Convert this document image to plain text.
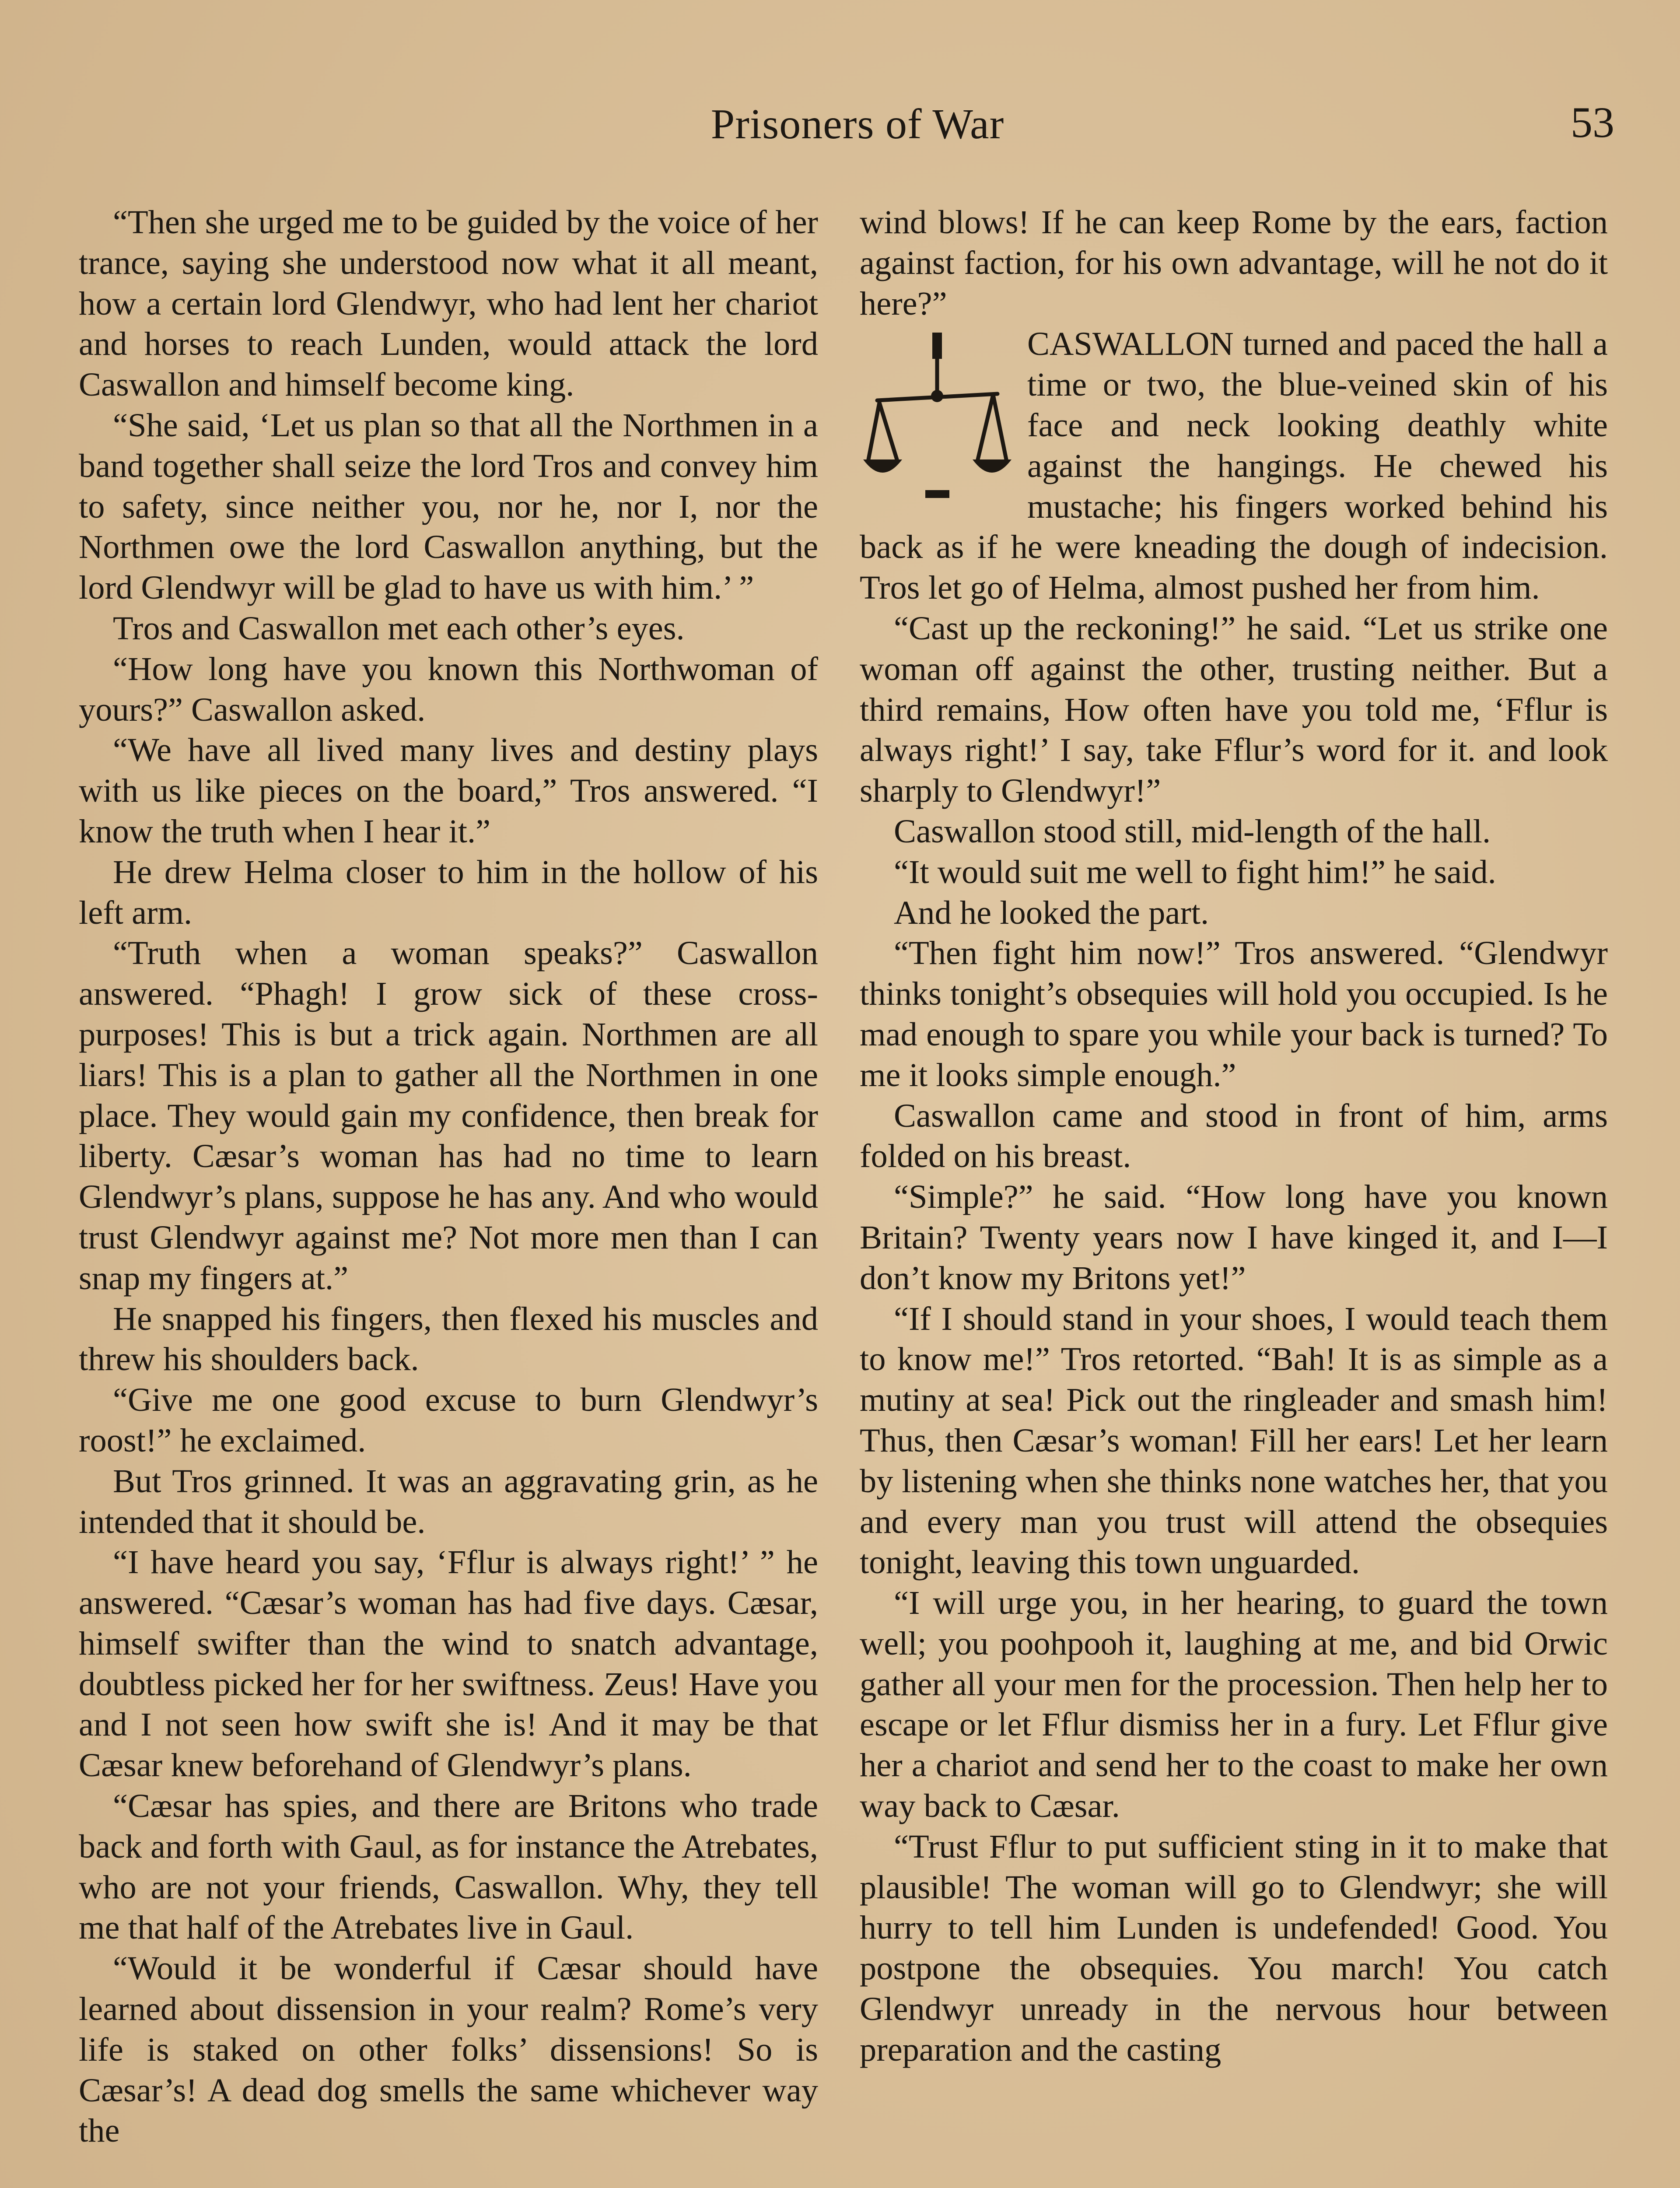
Prisoners of War	53

“Then she urged me to be guided by the voice of her trance, saying she understood now what it all meant, how a certain lord Glendwyr, who had lent her chariot and horses to reach Lunden, would attack the lord Caswallon and himself become king.

“She said, ‘Let us plan so that all the Northmen in a band together shall seize the lord Tros and convey him to safety, since neither you, nor he, nor I, nor the Northmen owe the lord Caswallon anything, but the lord Glendwyr will be glad to have us with him.’ ”

Tros and Caswallon met each other’s eyes.

“How long have you known this Northwoman of yours?” Caswallon asked.

“We have all lived many lives and destiny plays with us like pieces on the board,” Tros answered. “I know the truth when I hear it.”

He drew Helma closer to him in the hollow of his left arm.

“Truth when a woman speaks?” Caswallon answered. “Phagh! I grow sick of these cross-purposes! This is but a trick again. Northmen are all liars! This is a plan to gather all the Northmen in one place. They would gain my confidence, then break for liberty. Cæsar’s woman has had no time to learn Glendwyr’s plans, suppose he has any. And who would trust Glendwyr against me? Not more men than I can snap my fingers at.”

He snapped his fingers, then flexed his muscles and threw his shoulders back.

“Give me one good excuse to burn Glendwyr’s roost!” he exclaimed.

But Tros grinned. It was an aggravating grin, as he intended that it should be.

“I have heard you say, ‘Fflur is always right!’ ” he answered. “Cæsar’s woman has had five days. Cæsar, himself swifter than the wind to snatch advantage, doubtless picked her for her swiftness. Zeus! Have you and I not seen how swift she is! And it may be that Cæsar knew beforehand of Glendwyr’s plans.

“Cæsar has spies, and there are Britons who trade back and forth with Gaul, as for instance the Atrebates, who are not your friends, Caswallon. Why, they tell me that half of the Atrebates live in Gaul.

“Would it be wonderful if Cæsar should have learned about dissension in your realm? Rome’s very life is staked on other folks’ dissensions! So is Cæsar’s! A dead dog smells the same whichever way the

wind blows! If he can keep Rome by the ears, faction against faction, for his own advantage, will he not do it here?”

CASWALLON turned and paced the hall a time or two, the blue-veined skin of his face and neck looking deathly white against the hangings. He chewed his mustache; his fingers worked behind his back as if he were kneading the dough of indecision. Tros let go of Helma, almost pushed her from him.

“Cast up the reckoning!” he said. “Let us strike one woman off against the other, trusting neither. But a third remains, How often have you told me, ‘Fflur is always right!’ I say, take Fflur’s word for it. and look sharply to Glendwyr!”

Caswallon stood still, mid-length of the hall.

“It would suit me well to fight him!” he said.

And he looked the part.

“Then fight him now!” Tros answered. “Glendwyr thinks tonight’s obsequies will hold you occupied. Is he mad enough to spare you while your back is turned? To me it looks simple enough.”

Caswallon came and stood in front of him, arms folded on his breast.

“Simple?” he said. “How long have you known Britain? Twenty years now I have kinged it, and I—I don’t know my Britons yet!”

“If I should stand in your shoes, I would teach them to know me!” Tros retorted. “Bah! It is as simple as a mutiny at sea! Pick out the ringleader and smash him! Thus, then Cæsar’s woman! Fill her ears! Let her learn by listening when she thinks none watches her, that you and every man you trust will attend the obsequies tonight, leaving this town unguarded.

“I will urge you, in her hearing, to guard the town well; you poohpooh it, laughing at me, and bid Orwic gather all your men for the procession. Then help her to escape or let Fflur dismiss her in a fury. Let Fflur give her a chariot and send her to the coast to make her own way back to Cæsar.

“Trust Fflur to put sufficient sting in it to make that plausible! The woman will go to Glendwyr; she will hurry to tell him Lunden is undefended! Good. You postpone the obsequies. You march! You catch Glendwyr unready in the nervous hour between preparation and the casting
